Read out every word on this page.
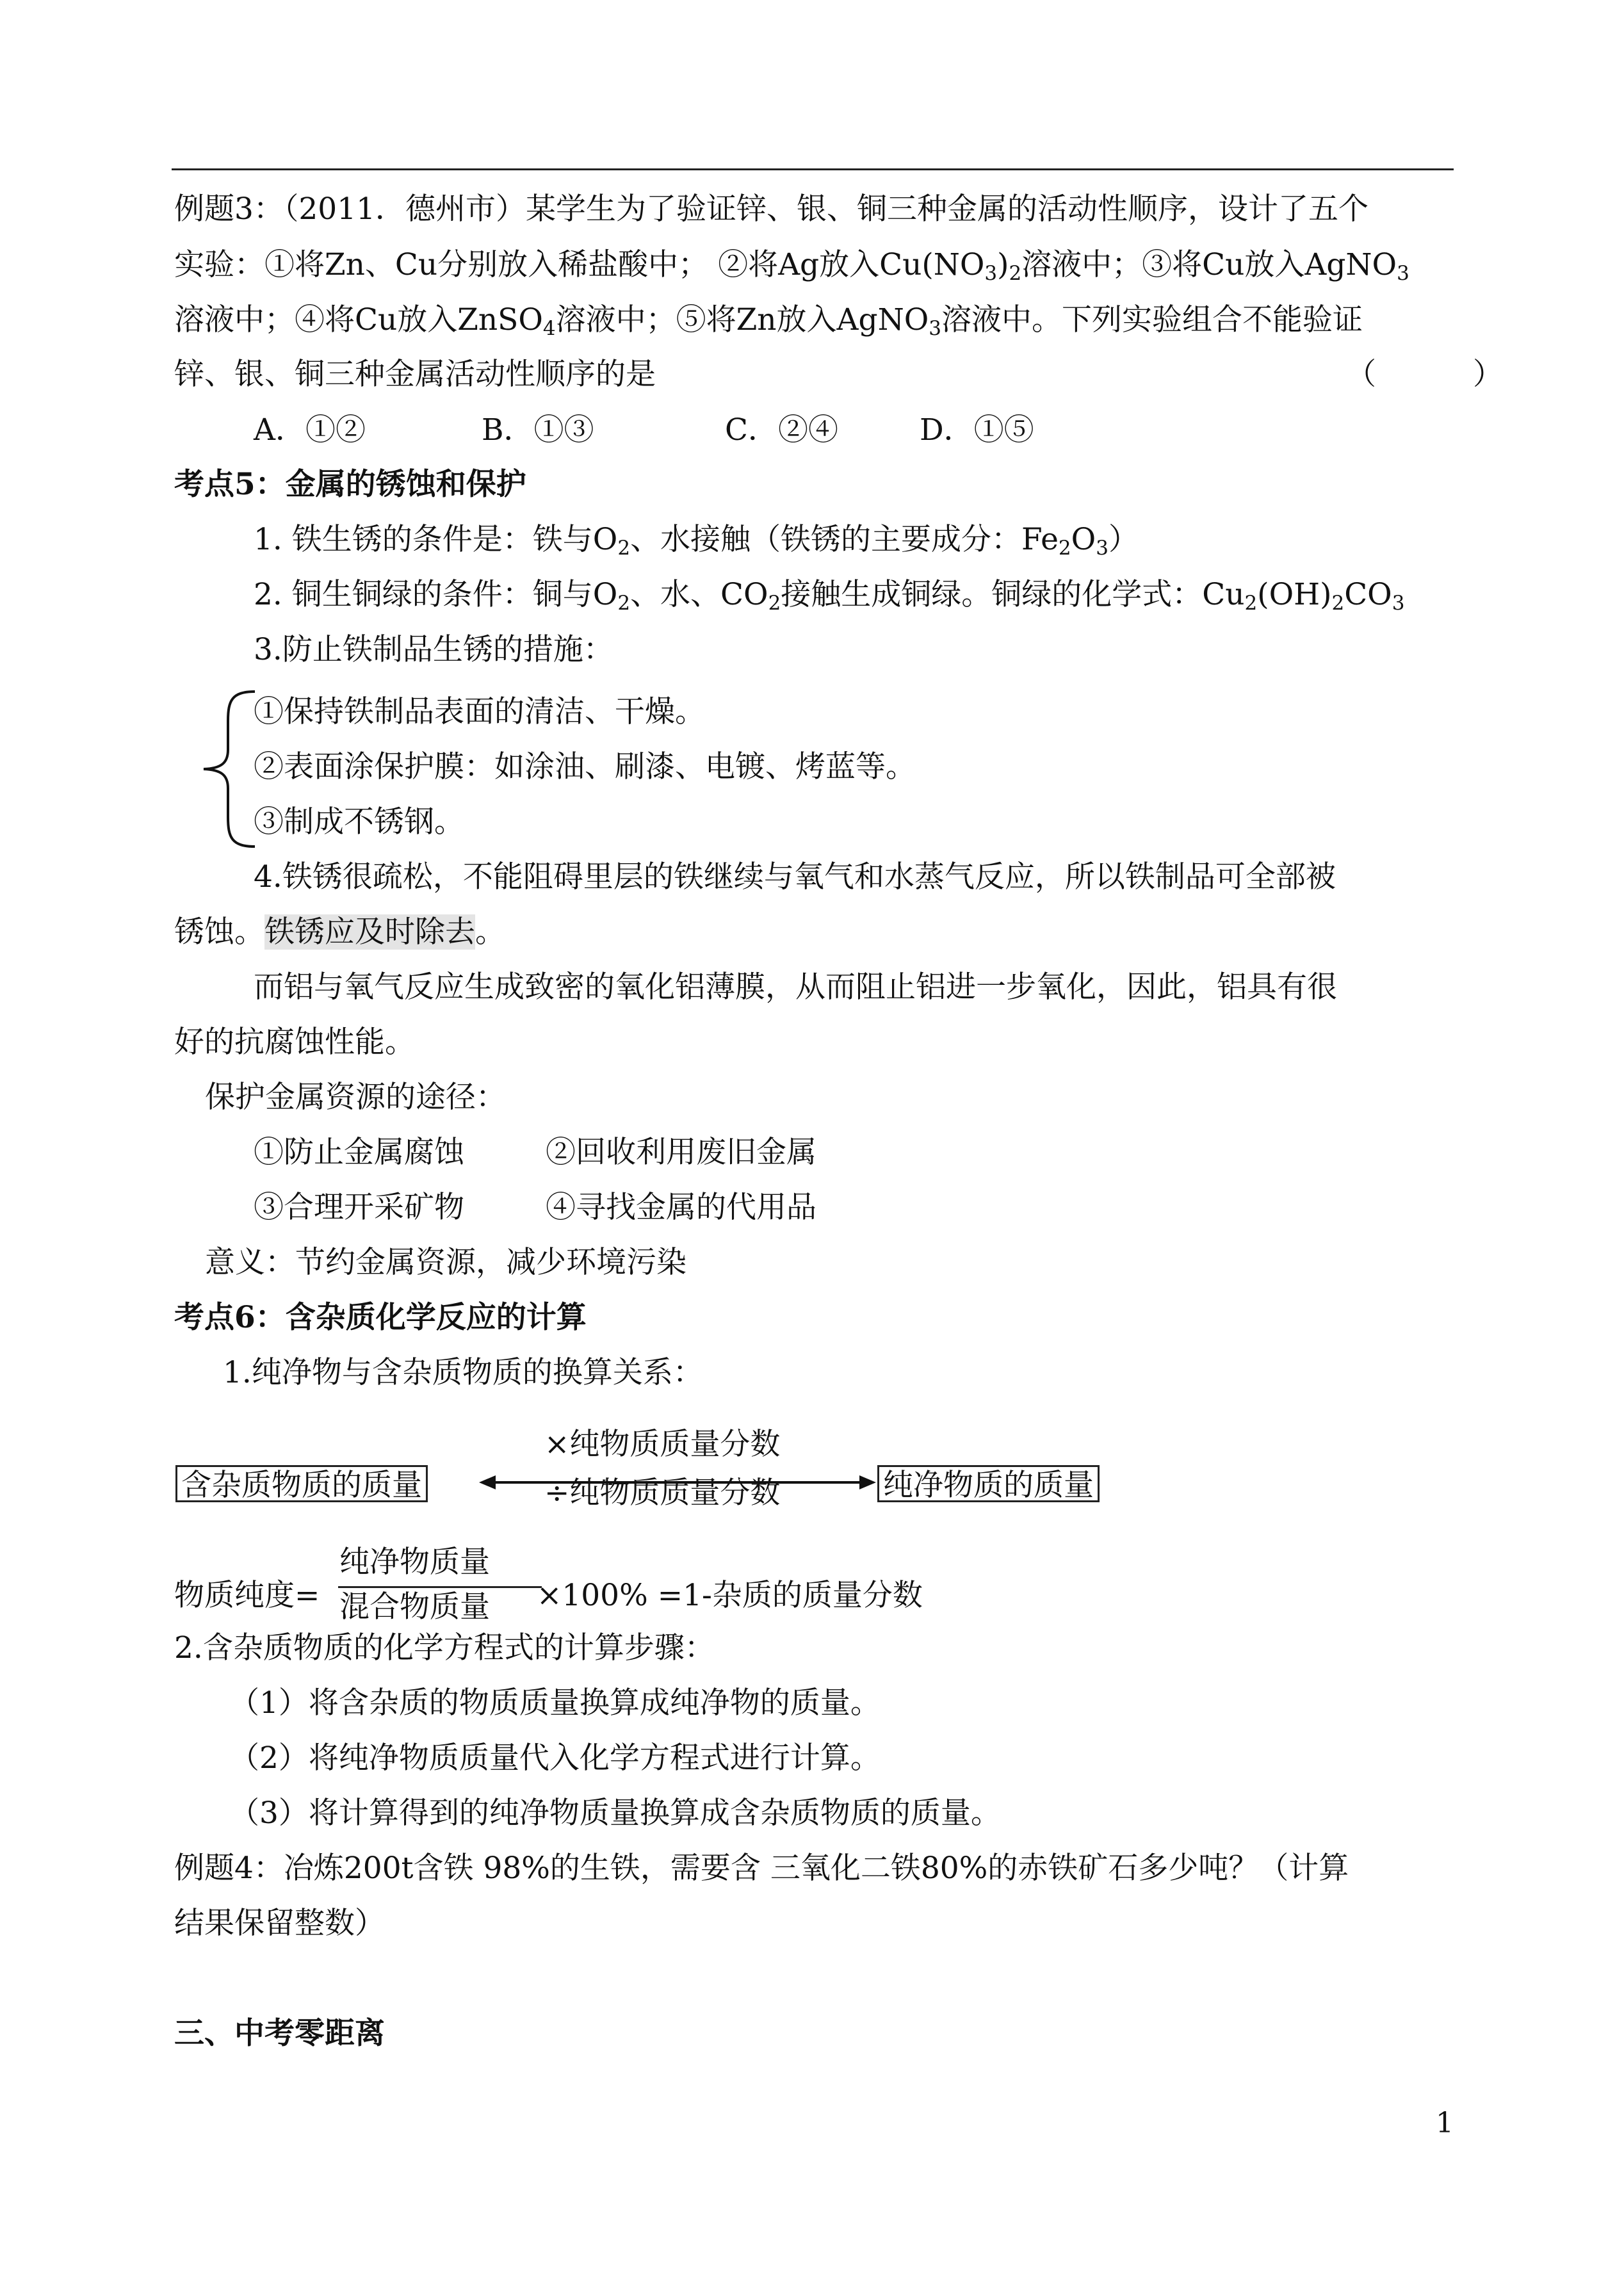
例题3：（2011．德州市）某学生为了验证锌、银、铜三种金属的活动性顺序，设计了五个
实验：①将Zn、Cu分别放入稀盐酸中； ②将Ag放入$Cu(NO_3)_2$溶液中；③将Cu放入AgNO$_3$
溶液中；④将Cu放入ZnSO$_4$溶液中；⑤将Zn放入AgNO$_3$溶液中。下列实验组合不能验证
锌、银、铜三种金属活动性顺序的是	（	）
A．①②	B．①③	C．②④	D．①⑤
考点5：金属的锈蚀和保护
1. 铁生锈的条件是：铁与$O_2$、水接触（铁锈的主要成分：$Fe_2O_3$）
2. 铜生铜绿的条件：铜与$O_2$、水、$CO_2$接触生成铜绿。铜绿的化学式：$Cu_2(OH)_2CO_3$
3.防止铁制品生锈的措施：
①保持铁制品表面的清洁、干燥。
②表面涂保护膜：如涂油、刷漆、电镀、烤蓝等。
③制成不锈钢。
4.铁锈很疏松，不能阻碍里层的铁继续与氧气和水蒸气反应，所以铁制品可全部被
锈蚀。铁锈应及时除去。
而铝与氧气反应生成致密的氧化铝薄膜，从而阻止铝进一步氧化，因此，铝具有很
好的抗腐蚀性能。
保护金属资源的途径：
①防止金属腐蚀	②回收利用废旧金属
③合理开采矿物	④寻找金属的代用品
意义：节约金属资源，减少环境污染
考点6：含杂质化学反应的计算
1.纯净物与含杂质物质的换算关系：
×纯物质质量分数
含杂质物质的质量	纯净物质的质量
÷纯物质质量分数
纯净物质量
物质纯度= 混合物质量 ×100% =1-杂质的质量分数
2.含杂质物质的化学方程式的计算步骤：
（1）将含杂质的物质质量换算成纯净物的质量。
（2）将纯净物质质量代入化学方程式进行计算。
（3）将计算得到的纯净物质量换算成含杂质物质的质量。
例题4：冶炼200t含铁 98%的生铁，需要含 三氧化二铁80%的赤铁矿石多少吨？（计算
结果保留整数）
三、中考零距离
1
